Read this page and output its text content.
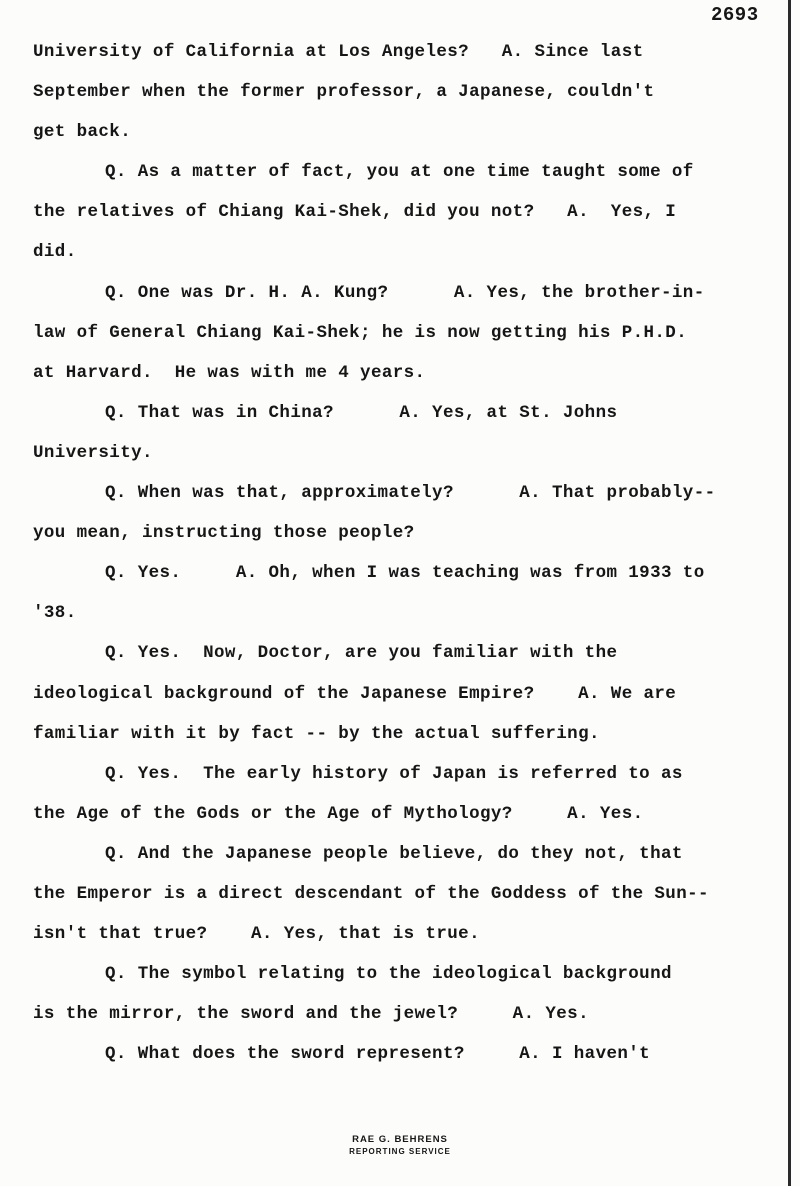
2693

University of California at Los Angeles?   A. Since last

September when the former professor, a Japanese, couldn't

get back.

Q. As a matter of fact, you at one time taught some of

the relatives of Chiang Kai-Shek, did you not?   A.  Yes, I

did.

Q. One was Dr. H. A. Kung?      A. Yes, the brother-in-

law of General Chiang Kai-Shek; he is now getting his P.H.D.

at Harvard.  He was with me 4 years.

Q. That was in China?      A. Yes, at St. Johns

University.

Q. When was that, approximately?      A. That probably--

you mean, instructing those people?

Q. Yes.     A. Oh, when I was teaching was from 1933 to

'38.

Q. Yes.  Now, Doctor, are you familiar with the

ideological background of the Japanese Empire?    A. We are

familiar with it by fact -- by the actual suffering.

Q. Yes.  The early history of Japan is referred to as

the Age of the Gods or the Age of Mythology?     A. Yes.

Q. And the Japanese people believe, do they not, that

the Emperor is a direct descendant of the Goddess of the Sun--

isn't that true?    A. Yes, that is true.

Q. The symbol relating to the ideological background

is the mirror, the sword and the jewel?     A. Yes.

Q. What does the sword represent?     A. I haven't

RAE G. BEHRENS
REPORTING SERVICE
